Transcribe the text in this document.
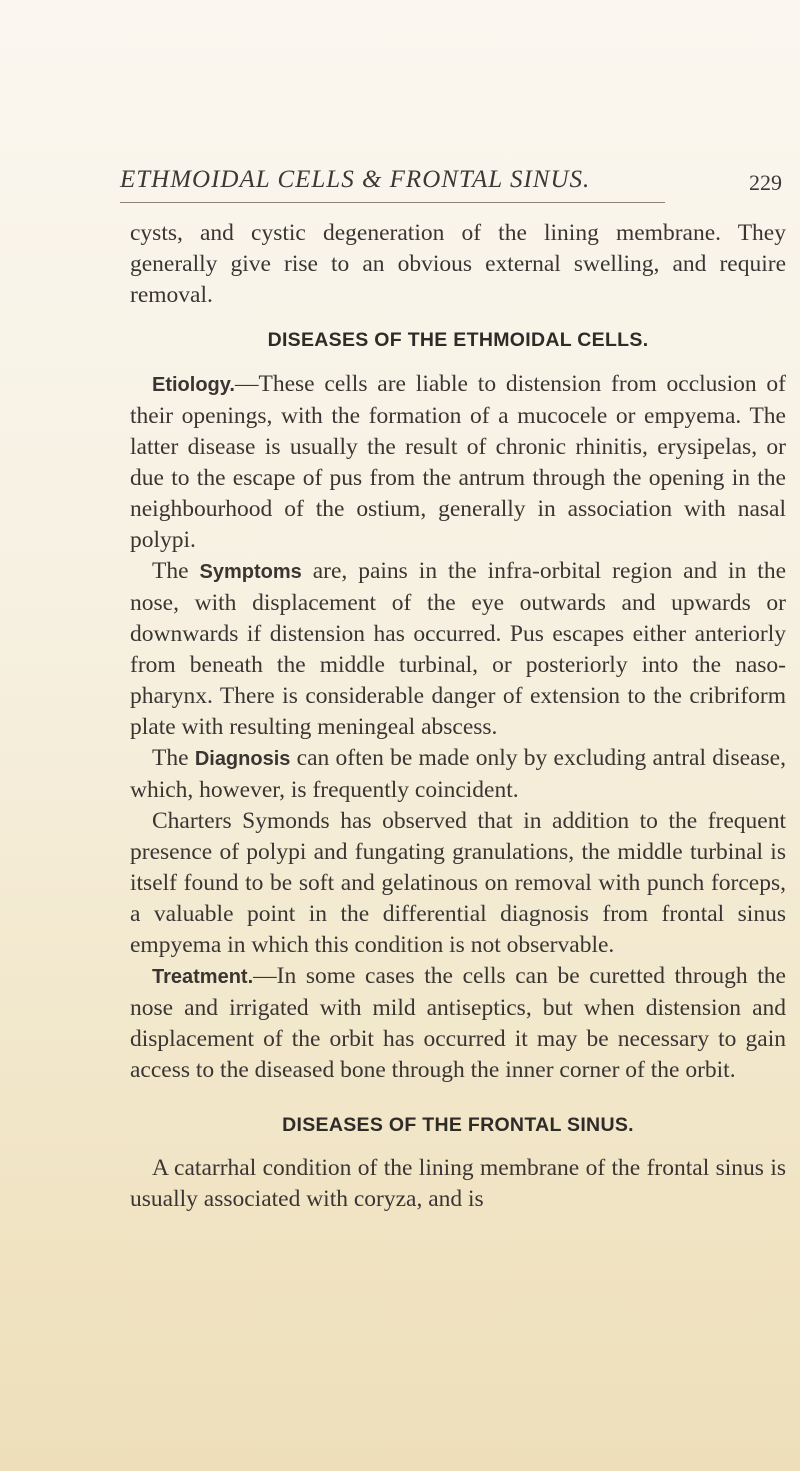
ETHMOIDAL CELLS & FRONTAL SINUS.	229

cysts, and cystic degeneration of the lining membrane. They generally give rise to an obvious external swelling, and require removal.

DISEASES OF THE ETHMOIDAL CELLS.

Etiology.—These cells are liable to distension from occlusion of their openings, with the formation of a mucocele or empyema. The latter disease is usually the result of chronic rhinitis, erysipelas, or due to the escape of pus from the antrum through the opening in the neighbourhood of the ostium, generally in association with nasal polypi.

The Symptoms are, pains in the infra-orbital region and in the nose, with displacement of the eye outwards and upwards or downwards if distension has occurred. Pus escapes either anteriorly from beneath the middle turbinal, or posteriorly into the naso-pharynx. There is considerable danger of extension to the cribriform plate with resulting meningeal abscess.

The Diagnosis can often be made only by excluding antral disease, which, however, is frequently coincident.

Charters Symonds has observed that in addition to the frequent presence of polypi and fungating granulations, the middle turbinal is itself found to be soft and gelatinous on removal with punch forceps, a valuable point in the differential diagnosis from frontal sinus empyema in which this condition is not observable.

Treatment.—In some cases the cells can be curetted through the nose and irrigated with mild antiseptics, but when distension and displacement of the orbit has occurred it may be necessary to gain access to the diseased bone through the inner corner of the orbit.

DISEASES OF THE FRONTAL SINUS.

A catarrhal condition of the lining membrane of the frontal sinus is usually associated with coryza, and is
